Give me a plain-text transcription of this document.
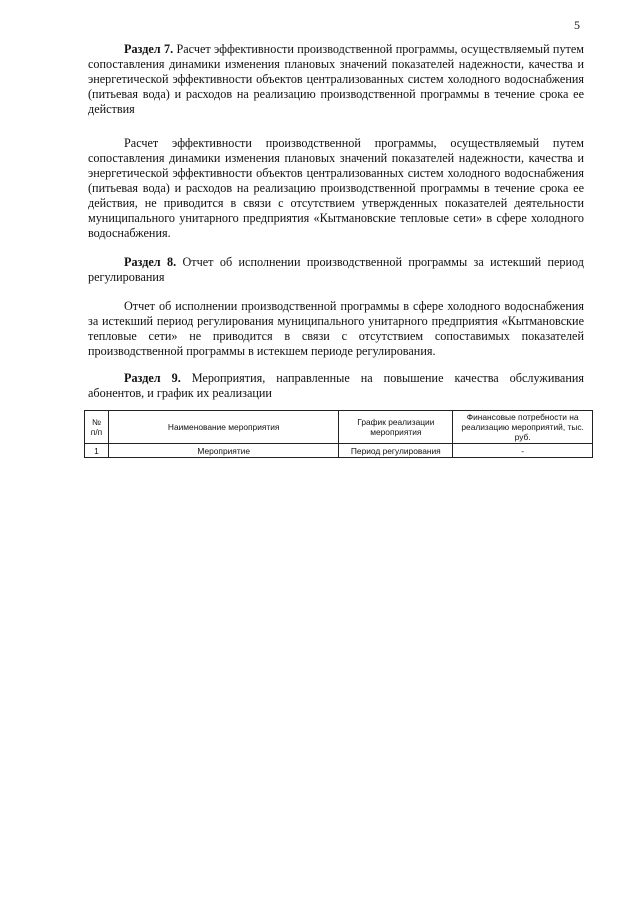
5

Раздел 7. Расчет эффективности производственной программы, осуществляемый путем сопоставления динамики изменения плановых значений показателей надежности, качества и энергетической эффективности объектов централизованных систем холодного водоснабжения (питьевая вода) и расходов на реализацию производственной программы в течение срока ее действия

Расчет эффективности производственной программы, осуществляемый путем сопоставления динамики изменения плановых значений показателей надежности, качества и энергетической эффективности объектов централизованных систем холодного водоснабжения (питьевая вода) и расходов на реализацию производственной программы в течение срока ее действия, не приводится в связи с отсутствием утвержденных показателей деятельности муниципального унитарного предприятия «Кытмановские тепловые сети» в сфере холодного водоснабжения.

Раздел 8. Отчет об исполнении производственной программы за истекший период регулирования

Отчет об исполнении производственной программы в сфере холодного водоснабжения за истекший период регулирования муниципального унитарного предприятия «Кытмановские тепловые сети» не приводится в связи с отсутствием сопоставимых показателей производственной программы в истекшем периоде регулирования.

Раздел 9. Мероприятия, направленные на повышение качества обслуживания абонентов, и график их реализации

№ п/п	Наименование мероприятия	График реализации мероприятия	Финансовые потребности на реализацию мероприятий, тыс. руб.
1	Мероприятие	Период регулирования	-
